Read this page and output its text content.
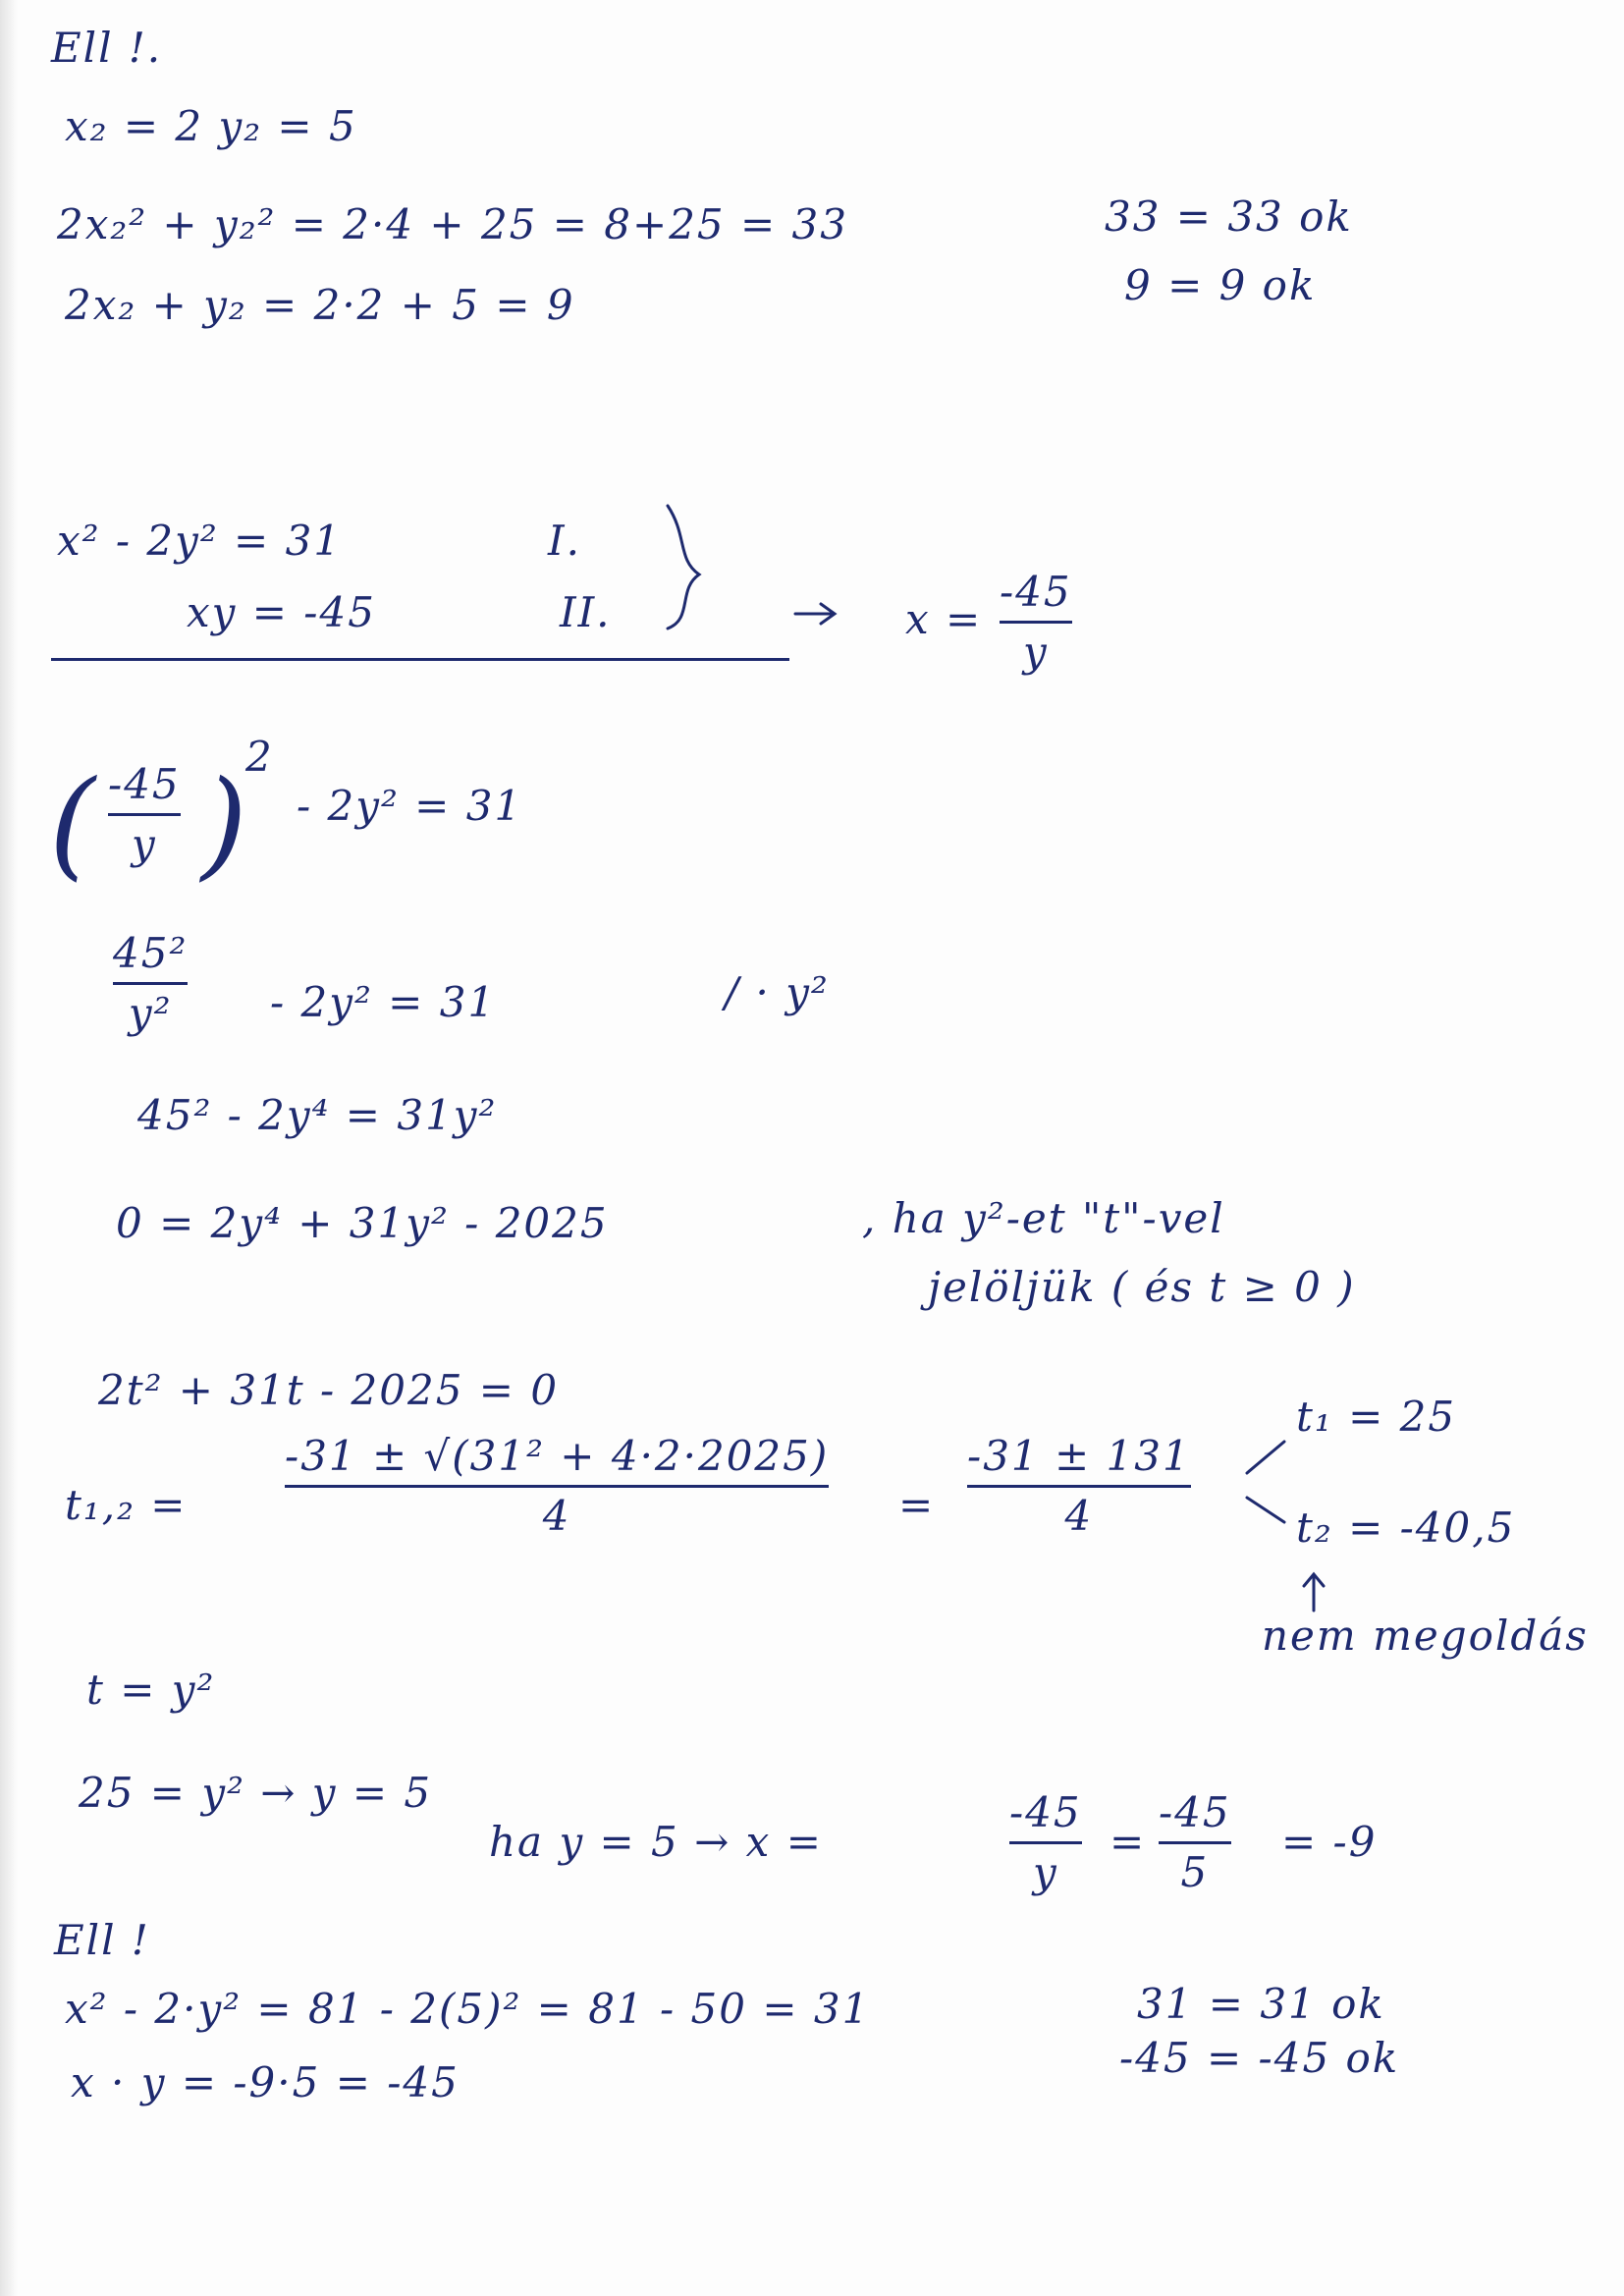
Ell !.
x₂ = 2 y₂ = 5
2x₂² + y₂² = 2·4 + 25 = 8+25 = 33
2x₂ + y₂ = 2·2 + 5 = 9
33 = 33 ok
9 = 9 ok
x² - 2y² = 31	I.
xy = -45	II.	x =
-45
y
( -45
y )
2
- 2y² = 31
45²
y² - 2y² = 31	/ · y²
45² - 2y⁴ = 31y²
0 = 2y⁴ + 31y² - 2025	, ha y²-et "t"-vel
jelöljük ( és t ≥ 0 )
2t² + 31t - 2025 = 0
t₁,₂ =
-31 ± √(31² + 4·2·2025)
4	=
-31 ± 131
4
t₁ = 25
t₂ = -40,5
nem megoldás
t = y²
25 = y² → y = 5
ha y = 5 → x =
-45
y
=
-45
5
= -9
Ell !
x² - 2·y² = 81 - 2(5)² = 81 - 50 = 31
x · y = -9·5 = -45
31 = 31 ok
-45 = -45 ok
